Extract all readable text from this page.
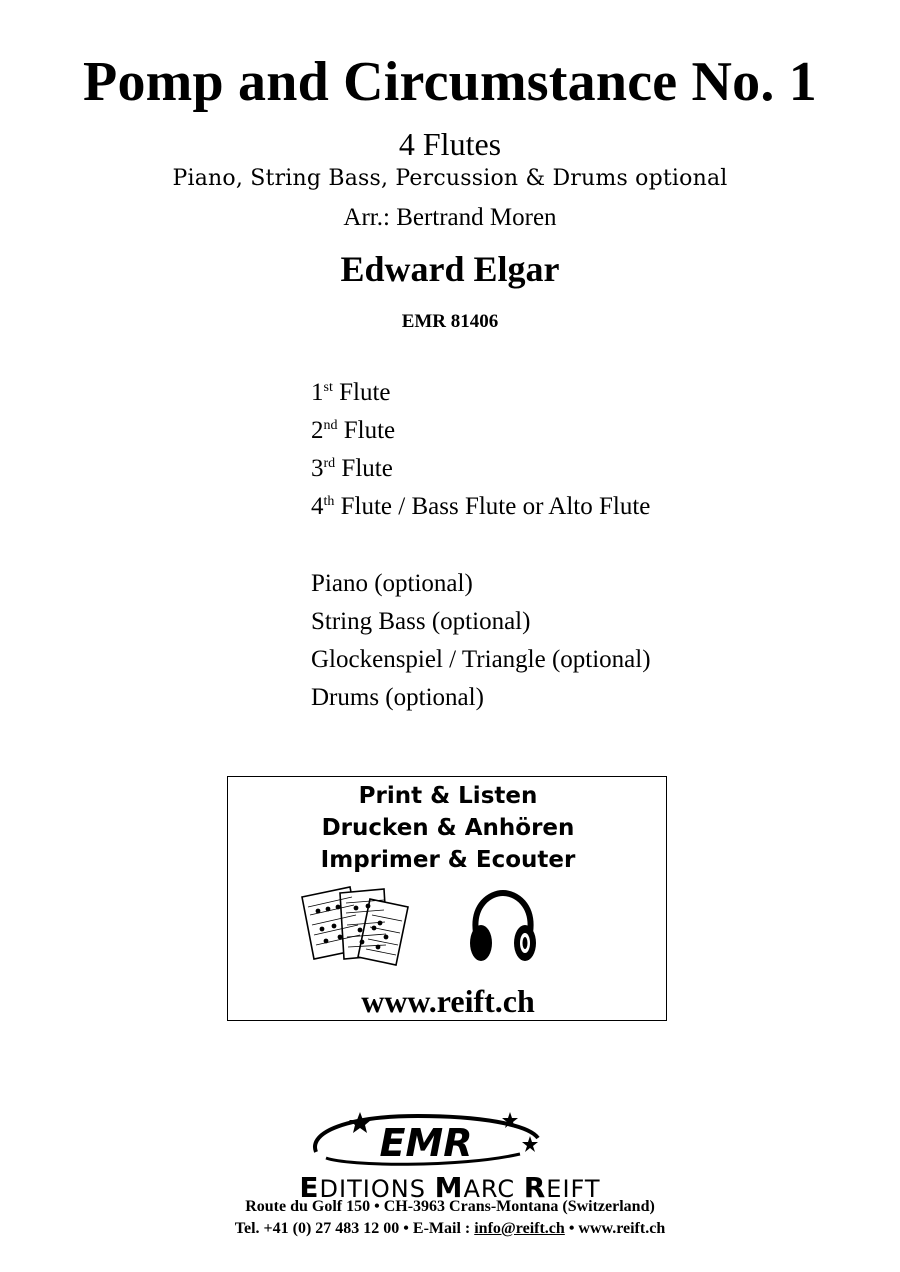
Pomp and Circumstance No. 1
4 Flutes
Piano, String Bass, Percussion & Drums optional
Arr.: Bertrand Moren
Edward Elgar
EMR 81406
1st Flute
2nd Flute
3rd Flute
4th Flute / Bass Flute or Alto Flute
Piano (optional)
String Bass (optional)
Glockenspiel / Triangle (optional)
Drums (optional)
Print & Listen
Drucken & Anhören
Imprimer & Ecouter
www.reift.ch
EMR
EDITIONS MARC REIFT
Route du Golf 150 • CH-3963 Crans-Montana (Switzerland)
Tel. +41 (0) 27 483 12 00 • E-Mail : info@reift.ch • www.reift.ch
